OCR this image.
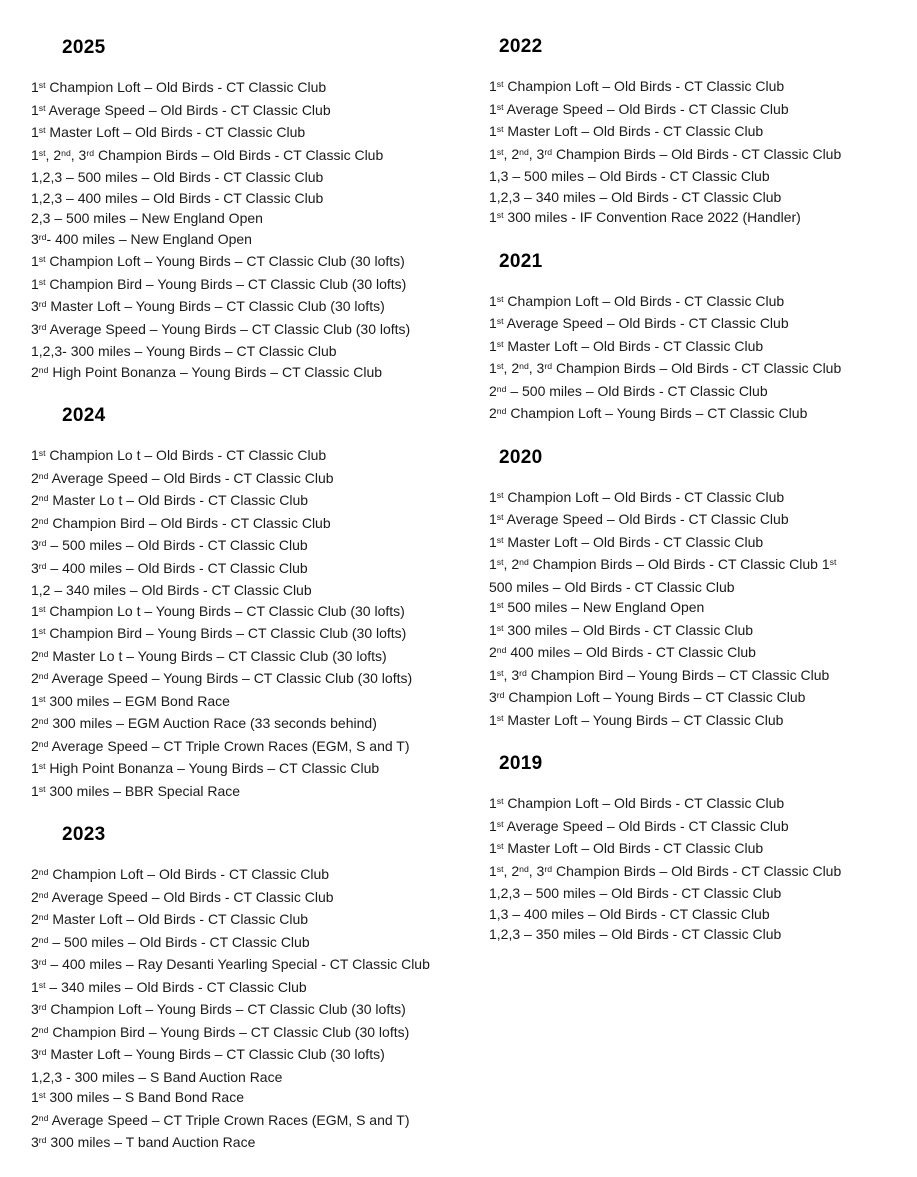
2025

1st Champion Loft – Old Birds - CT Classic Club

1st Average Speed – Old Birds - CT Classic Club

1st Master Loft – Old Birds - CT Classic Club

1st, 2nd, 3rd Champion Birds – Old Birds - CT Classic Club

1,2,3 – 500 miles – Old Birds - CT Classic Club

1,2,3 – 400 miles – Old Birds - CT Classic Club

2,3 – 500 miles – New England Open

3rd- 400 miles – New England Open

1st Champion Loft – Young Birds – CT Classic Club (30 lofts)

1st Champion Bird – Young Birds – CT Classic Club (30 lofts)

3rd Master Loft – Young Birds – CT Classic Club (30 lofts)

3rd Average Speed – Young Birds – CT Classic Club (30 lofts)

1,2,3- 300 miles – Young Birds – CT Classic Club

2nd High Point Bonanza – Young Birds – CT Classic Club

2024

1st Champion Lo t – Old Birds - CT Classic Club

2nd Average Speed – Old Birds - CT Classic Club

2nd Master Lo t – Old Birds - CT Classic Club

2nd Champion Bird – Old Birds - CT Classic Club

3rd – 500 miles – Old Birds - CT Classic Club

3rd – 400 miles – Old Birds - CT Classic Club

1,2 – 340 miles – Old Birds - CT Classic Club

1st Champion Lo t – Young Birds – CT Classic Club (30 lofts)

1st Champion Bird – Young Birds – CT Classic Club (30 lofts)

2nd Master Lo t – Young Birds – CT Classic Club (30 lofts)

2nd Average Speed – Young Birds – CT Classic Club (30 lofts)

1st 300 miles – EGM Bond Race

2nd 300 miles – EGM Auction Race (33 seconds behind)

2nd Average Speed – CT Triple Crown Races (EGM, S and T)

1st High Point Bonanza – Young Birds – CT Classic Club

1st 300 miles – BBR Special Race

2023

2nd Champion Loft – Old Birds - CT Classic Club

2nd Average Speed – Old Birds - CT Classic Club

2nd Master Loft – Old Birds - CT Classic Club

2nd – 500 miles – Old Birds - CT Classic Club

3rd – 400 miles – Ray Desanti Yearling Special - CT Classic Club

1st – 340 miles – Old Birds - CT Classic Club

3rd Champion Loft – Young Birds – CT Classic Club (30 lofts)

2nd Champion Bird – Young Birds – CT Classic Club (30 lofts)

3rd Master Loft – Young Birds – CT Classic Club (30 lofts)

1,2,3 - 300 miles – S Band Auction Race

1st 300 miles – S Band Bond Race

2nd Average Speed – CT Triple Crown Races (EGM, S and T)

3rd 300 miles – T band Auction Race

2022

1st Champion Loft – Old Birds - CT Classic Club

1st Average Speed – Old Birds - CT Classic Club

1st Master Loft – Old Birds - CT Classic Club

1st, 2nd, 3rd Champion Birds – Old Birds - CT Classic Club

1,3 – 500 miles – Old Birds - CT Classic Club

1,2,3 – 340 miles – Old Birds - CT Classic Club

1st 300 miles - IF Convention Race 2022 (Handler)

2021

1st Champion Loft – Old Birds - CT Classic Club

1st Average Speed – Old Birds - CT Classic Club

1st Master Loft – Old Birds - CT Classic Club

1st, 2nd, 3rd Champion Birds – Old Birds - CT Classic Club

2nd – 500 miles – Old Birds - CT Classic Club

2nd Champion Loft – Young Birds – CT Classic Club

2020

1st Champion Loft – Old Birds - CT Classic Club

1st Average Speed – Old Birds - CT Classic Club

1st Master Loft – Old Birds - CT Classic Club

1st, 2nd Champion Birds – Old Birds - CT Classic Club 1st

500 miles – Old Birds - CT Classic Club

1st 500 miles – New England Open

1st 300 miles – Old Birds - CT Classic Club

2nd 400 miles – Old Birds - CT Classic Club

1st, 3rd Champion Bird – Young Birds – CT Classic Club

3rd Champion Loft – Young Birds – CT Classic Club

1st Master Loft – Young Birds – CT Classic Club

2019

1st Champion Loft – Old Birds - CT Classic Club

1st Average Speed – Old Birds - CT Classic Club

1st Master Loft – Old Birds - CT Classic Club

1st, 2nd, 3rd Champion Birds – Old Birds - CT Classic Club

1,2,3 – 500 miles – Old Birds - CT Classic Club

1,3 – 400 miles – Old Birds - CT Classic Club

1,2,3 – 350 miles – Old Birds - CT Classic Club
